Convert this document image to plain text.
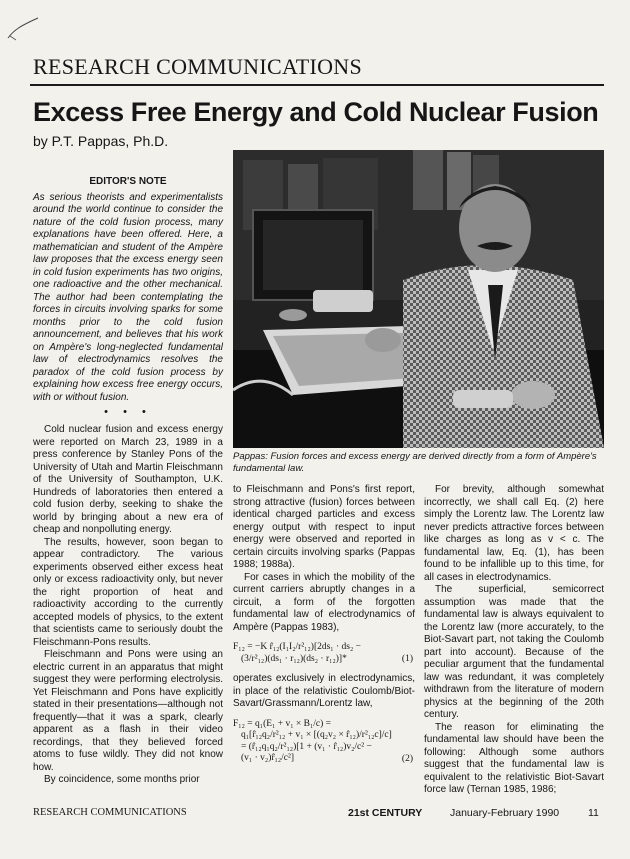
RESEARCH COMMUNICATIONS
Excess Free Energy and Cold Nuclear Fusion
by P.T. Pappas, Ph.D.
Pappas: Fusion forces and excess energy are derived directly from a form of Ampère's fundamental law.
EDITOR'S NOTE
As serious theorists and experimentalists around the world continue to consider the nature of the cold fusion process, many explanations have been offered. Here, a mathematician and student of the Ampère law proposes that the excess energy seen in cold fusion experiments has two origins, one radioactive and the other mechanical. The author had been contemplating the forces in circuits involving sparks for some months prior to the cold fusion announcement, and believes that his work on Ampère's long-neglected fundamental law of electrodynamics resolves the paradox of the cold fusion process by explaining how excess free energy occurs, with or without fusion.
• • •

Cold nuclear fusion and excess energy were reported on March 23, 1989 in a press conference by Stanley Pons of the University of Utah and Martin Fleischmann of the University of Southampton, U.K. Hundreds of laboratories then entered a cold fusion derby, seeking to shake the world by bringing about a new era of cheap and nonpolluting energy.

The results, however, soon began to appear contradictory. The various experiments observed either excess heat only or excess radioactivity only, but never the right proportion of heat and radioactivity according to the currently accepted models of physics, to the extent that scientists came to seriously doubt the Fleischmann-Pons results.

Fleischmann and Pons were using an electric current in an apparatus that might suggest they were performing electrolysis. Yet Fleischmann and Pons have explicitly stated in their presentations—although not frequently—that it was a spark, clearly apparent as a flash in their video recordings, that they believed forced atoms to fuse wildly. They did not know how.

By coincidence, some months prior

to Fleischmann and Pons's first report, strong attractive (fusion) forces between identical charged particles and excess energy output with respect to input energy were observed and reported in certain circuits involving sparks (Pappas 1988; 1988a).

For cases in which the mobility of the current carriers abruptly changes in a circuit, a form of the forgotten fundamental law of electrodynamics of Ampère (Pappas 1983),

F₁₂ = −K r̂₁₂(I₁I₂/r²₁₂)[2ds₁ · ds₂ −
(3/r²₁₂)(ds₁ · r₁₂)(ds₂ · r₁₂)]*	(1)

operates exclusively in electrodynamics, in place of the relativistic Coulomb/Biot-Savart/Grassmann/Lorentz law,

F₁₂ = q₁(E₁ + v₁ × B₁/c) =
q₁[r̂₁₂q₂/r²₁₂ + v₁ × [(q₂v₂ × r̂₁₂)/r²₁₂c]/c]
= (r̂₁₂q₁q₂/r²₁₂)[1 + (v₁ · r̂₁₂)v₂/c² −
(v₁ · v₂)r̂₁₂/c²]	(2)

For brevity, although somewhat incorrectly, we shall call Eq. (2) here simply the Lorentz law. The Lorentz law never predicts attractive forces between like charges as long as v < c. The fundamental law, Eq. (1), has been found to be infallible up to this time, for all cases in electrodynamics.

The superficial, semicorrect assumption was made that the fundamental law is always equivalent to the Lorentz law (more accurately, to the Biot-Savart part, not taking the Coulomb part into account). Because of the peculiar argument that the fundamental law was redundant, it was completely withdrawn from the literature of modern physics at the beginning of the 20th century.

The reason for eliminating the fundamental law should have been the following: Although some authors suggest that the fundamental law is equivalent to the relativistic Biot-Savart force law (Ternan 1985, 1986;

RESEARCH COMMUNICATIONS	21st CENTURY	January-February 1990	11
